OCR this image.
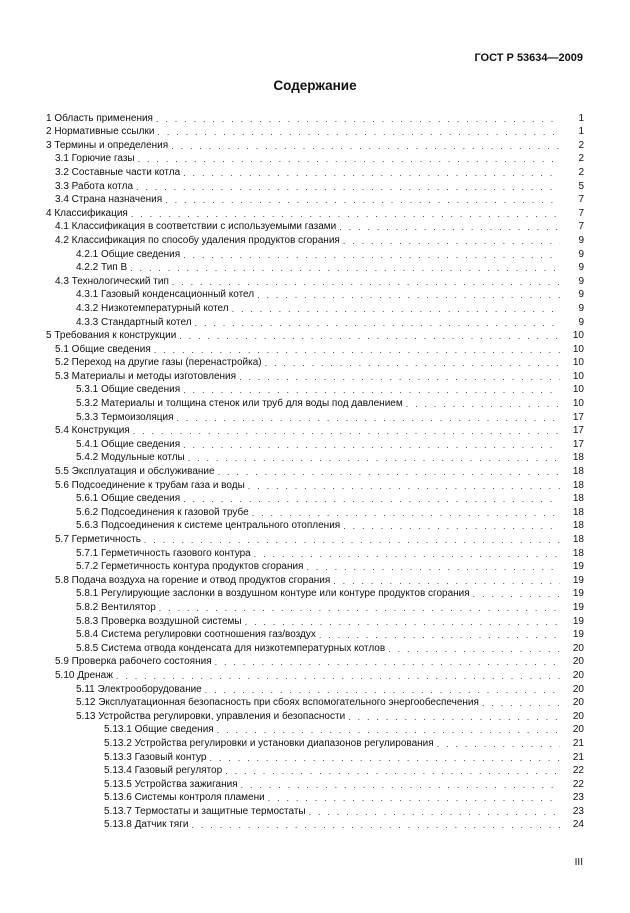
ГОСТ Р 53634—2009
Содержание
1 Область применения . . .	1
2 Нормативные ссылки . . .	1
3 Термины и определения . . .	2
3.1 Горючие газы . . .	2
3.2 Составные части котла . . .	2
3.3 Работа котла . . .	5
3.4 Страна назначения . . .	7
4 Классификация . . .	7
4.1 Классификация в соответствии с используемыми газами . . .	7
4.2 Классификация по способу удаления продуктов сгорания . . .	9
4.2.1 Общие сведения . . .	9
4.2.2 Тип В . . .	9
4.3 Технологический тип . . .	9
4.3.1 Газовый конденсационный котел . . .	9
4.3.2 Низкотемпературный котел . . .	9
4.3.3 Стандартный котел . . .	9
5 Требования к конструкции . . .	10
5.1 Общие сведения . . .	10
5.2 Переход на другие газы (перенастройка) . . .	10
5.3 Материалы и методы изготовления . . .	10
5.3.1 Общие сведения . . .	10
5.3.2 Материалы и толщина стенок или труб для воды под давлением . . .	10
5.3.3 Термоизоляция . . .	17
5.4 Конструкция . . .	17
5.4.1 Общие сведения . . .	17
5.4.2 Модульные котлы . . .	18
5.5 Эксплуатация и обслуживание . . .	18
5.6 Подсоединение к трубам газа и воды . . .	18
5.6.1 Общие сведения . . .	18
5.6.2 Подсоединения к газовой трубе . . .	18
5.6.3 Подсоединения к системе центрального отопления . . .	18
5.7 Герметичность . . .	18
5.7.1 Герметичность газового контура . . .	18
5.7.2 Герметичность контура продуктов сгорания . . .	19
5.8 Подача воздуха на горение и отвод продуктов сгорания . . .	19
5.8.1 Регулирующие заслонки в воздушном контуре или контуре продуктов сгорания . . .	19
5.8.2 Вентилятор . . .	19
5.8.3 Проверка воздушной системы . . .	19
5.8.4 Система регулировки соотношения газ/воздух . . .	19
5.8.5 Система отвода конденсата для низкотемпературных котлов . . .	20
5.9 Проверка рабочего состояния . . .	20
5.10 Дренаж . . .	20
5.11 Электрооборудование . . .	20
5.12 Эксплуатационная безопасность при сбоях вспомогательного энергообеспечения . . .	20
5.13 Устройства регулировки, управления и безопасности . . .	20
5.13.1 Общие сведения . . .	20
5.13.2 Устройства регулировки и установки диапазонов регулирования . . .	21
5.13.3 Газовый контур . . .	21
5.13.4 Газовый регулятор . . .	22
5.13.5 Устройства зажигания . . .	22
5.13.6 Системы контроля пламени . . .	23
5.13.7 Термостаты и защитные термостаты . . .	23
5.13.8 Датчик тяги . . .	24
III
